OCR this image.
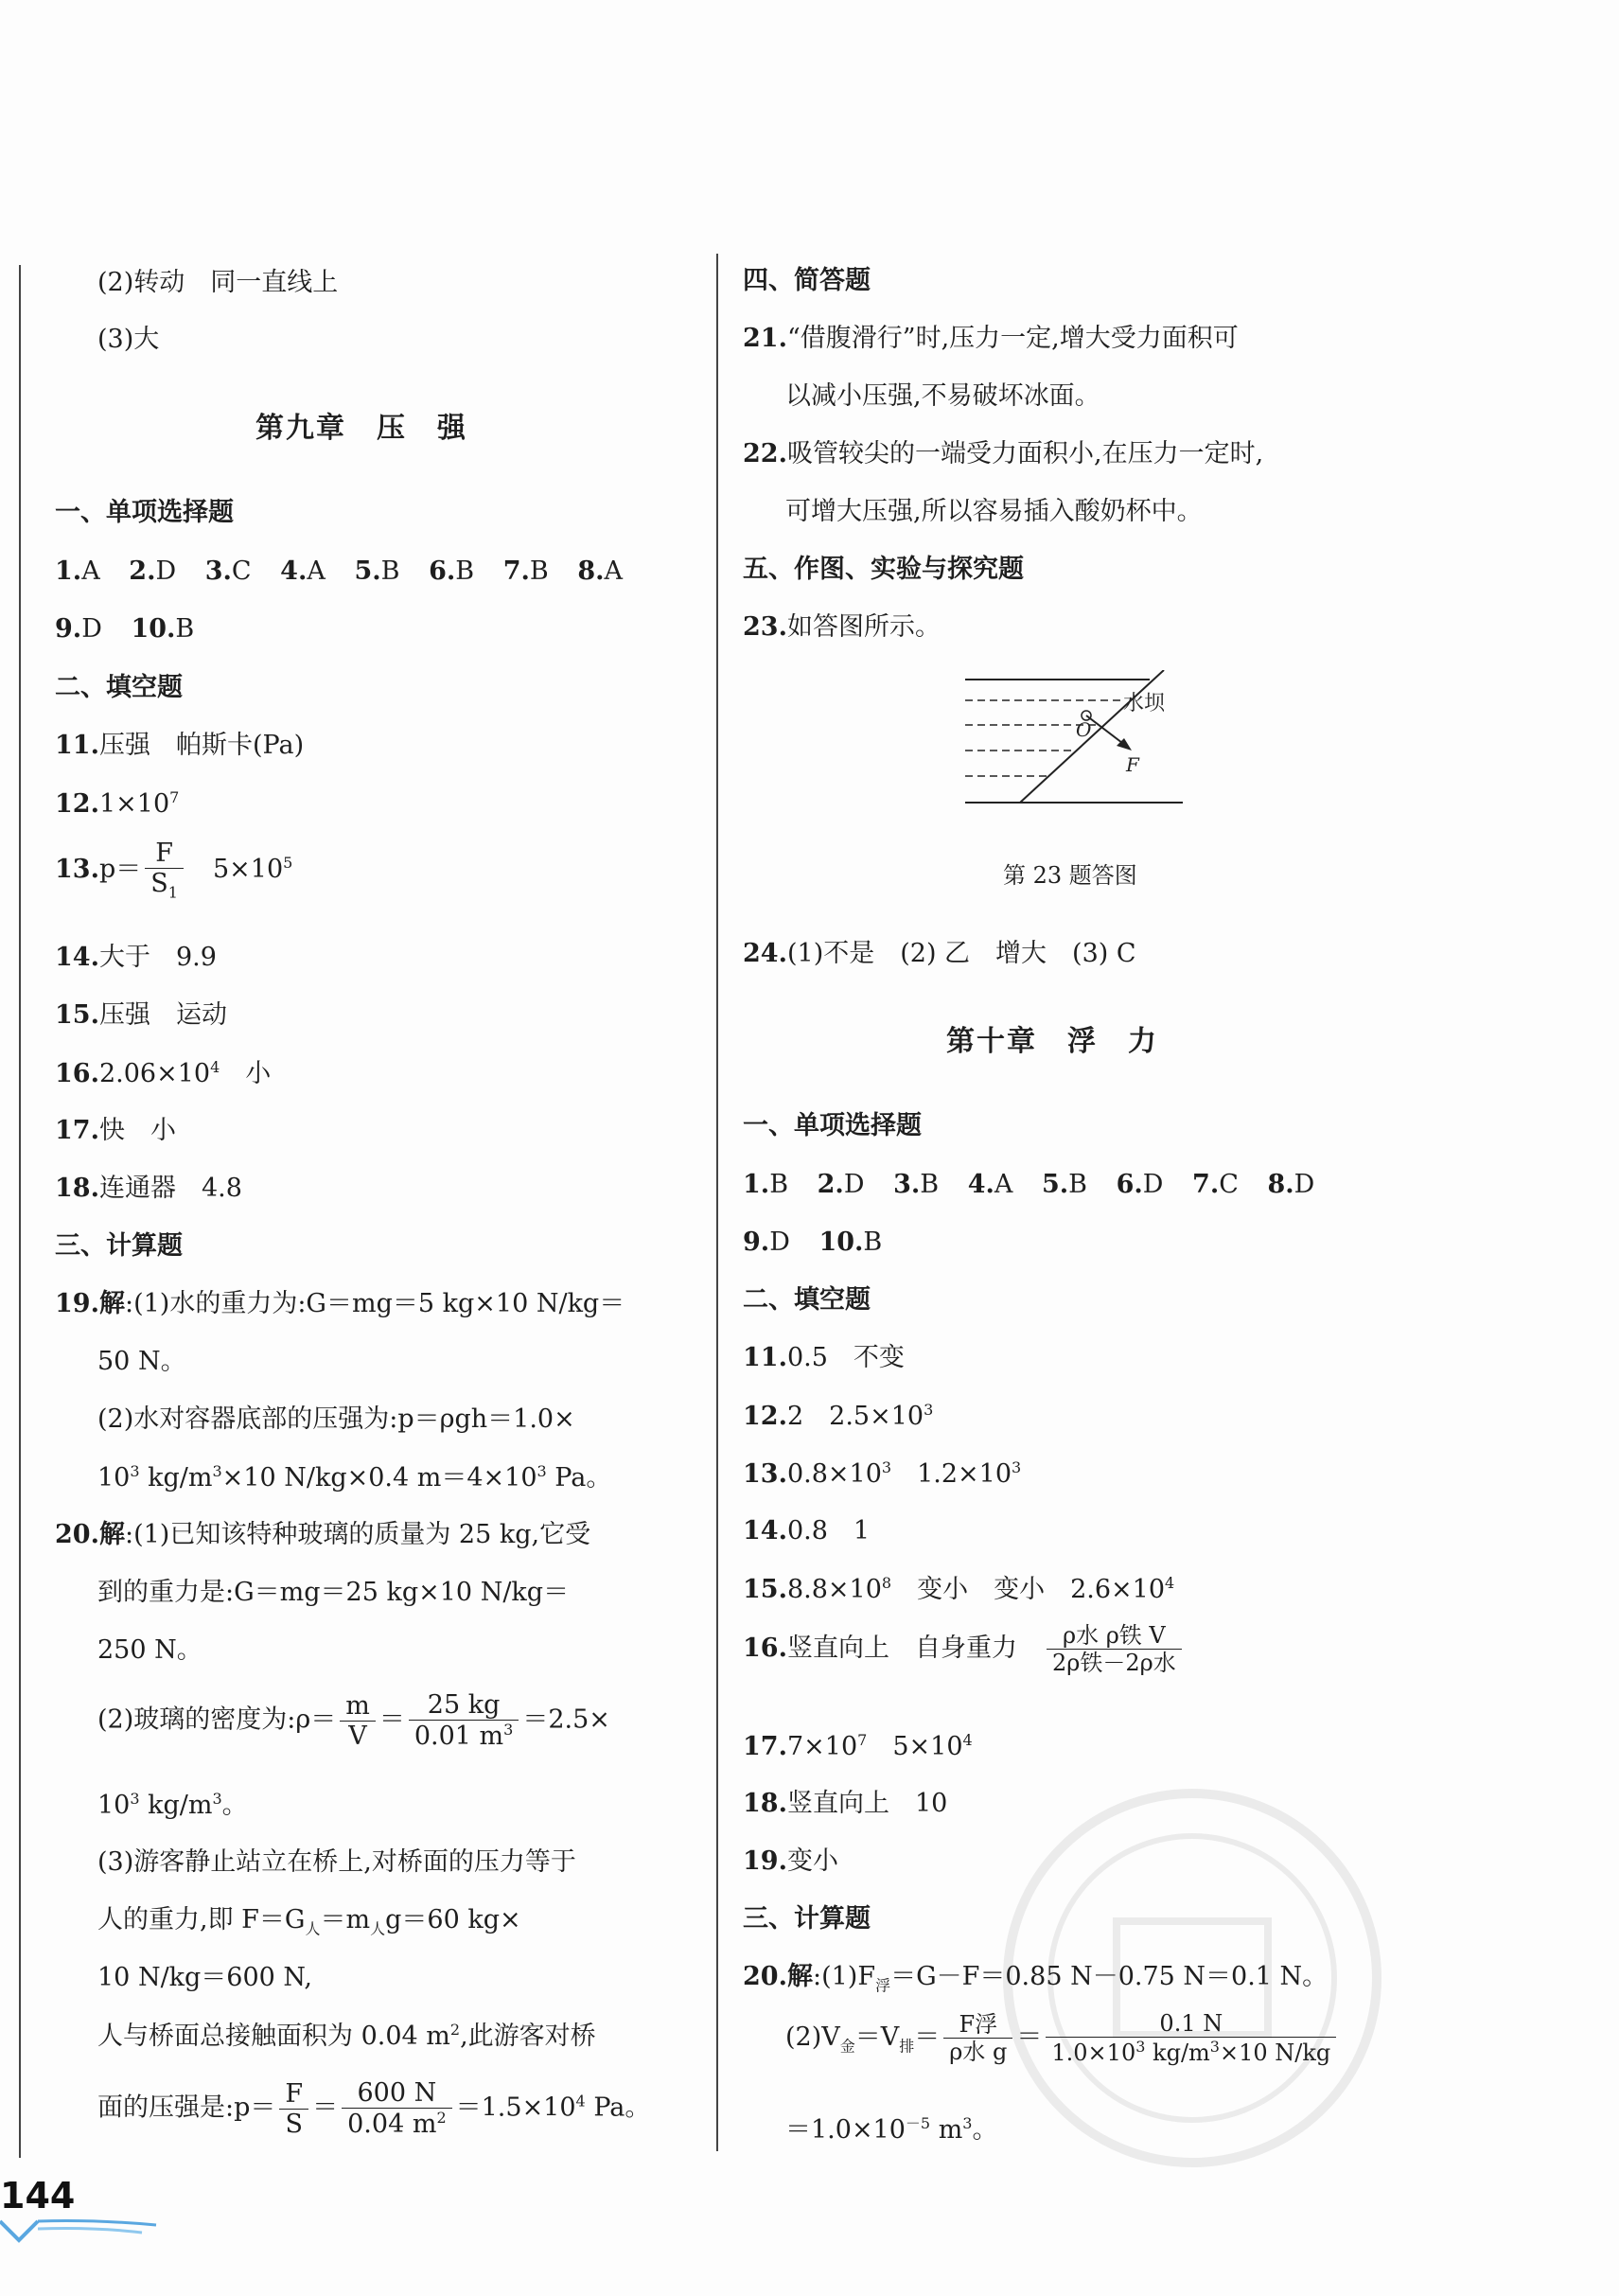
(2)转动　同一直线上
(3)大
第九章　压　强
一、单项选择题
1.A 2.D 3.C 4.A 5.B 6.B 7.B 8.A
9.D 10.B
二、填空题
11.压强　帕斯卡(Pa)
$12.1\times 10^7$
$13.p= \frac{F}{S_1}$ 　$5\times 10^5$
14.大于　9.9
15.压强　运动
$16.2.06\times 10^4$　小
17.快　小
18.连通器　4.8
三、计算题
19.解:(1)水的重力为:G＝mg＝5 kg×10 N/kg＝
50 N。
(2)水对容器底部的压强为:p＝ρgh＝1.0×
$10^3$ $kg/m^3\times 10$ N/kg×0.4 $m=4\times 10^3$ Pa。
20.解:(1)已知该特种玻璃的质量为 25 kg,它受
到的重力是:G＝mg＝25 kg×10 N/kg＝
250 N。
(2)玻璃的密度为:ρ＝ $\frac{m}{V} = \frac{25 kg}{0.01 m^3} =2.5\times$
$10^3$ $kg/m^3$。
(3)游客静止站立在桥上,对桥面的压力等于
人的重力,即 $F=G_人=m_人g=60$ kg×
10 N/kg＝600 N,
人与桥面总接触面积为 0.04 $m^2$,此游客对桥
面的压强是:p＝ $\frac{F}{S} = \frac{600 N}{0.04 m^2} =1.5\times 10^4$ Pa。
四、简答题
21.“借腹滑行”时,压力一定,增大受力面积可
以减小压强,不易破坏冰面。
22.吸管较尖的一端受力面积小,在压力一定时,
可增大压强,所以容易插入酸奶杯中。
五、作图、实验与探究题
23.如答图所示。
水坝
O
F
第 23 题答图
24.(1)不是　(2) 乙　增大　(3) C
第十章　浮　力
一、单项选择题
1.B 2.D 3.B 4.A 5.B 6.D 7.C 8.D
9.D 10.B
二、填空题
11.0.5　不变
12.2　$2.5\times 10^3$
$13.0.8\times 10^3$　$1.2\times 10^3$
14.0.8　1
$15.8.8\times 10^8$　变小　变小　$2.6\times 10^4$
16.竖直向上　自身重力　 $\frac{\text{ρ水 ρ铁 V}}{\text{2ρ铁－2ρ水}}$
$17.7\times 10^7$　$5\times 10^4$
18.竖直向上　10
19.变小
三、计算题
20.解$:(1)F_浮=G-F=0.85$ N－0.75 N＝0.1 N。
$(2)V_金=V_排= \frac{\text{F浮}}{\text{ρ水 g}} = \frac{0.1 N}{1.0\times 10^3 kg/m^3\times 10 N/kg}$
$=1.0\times 10^{-5}$ $m^3$。
144
